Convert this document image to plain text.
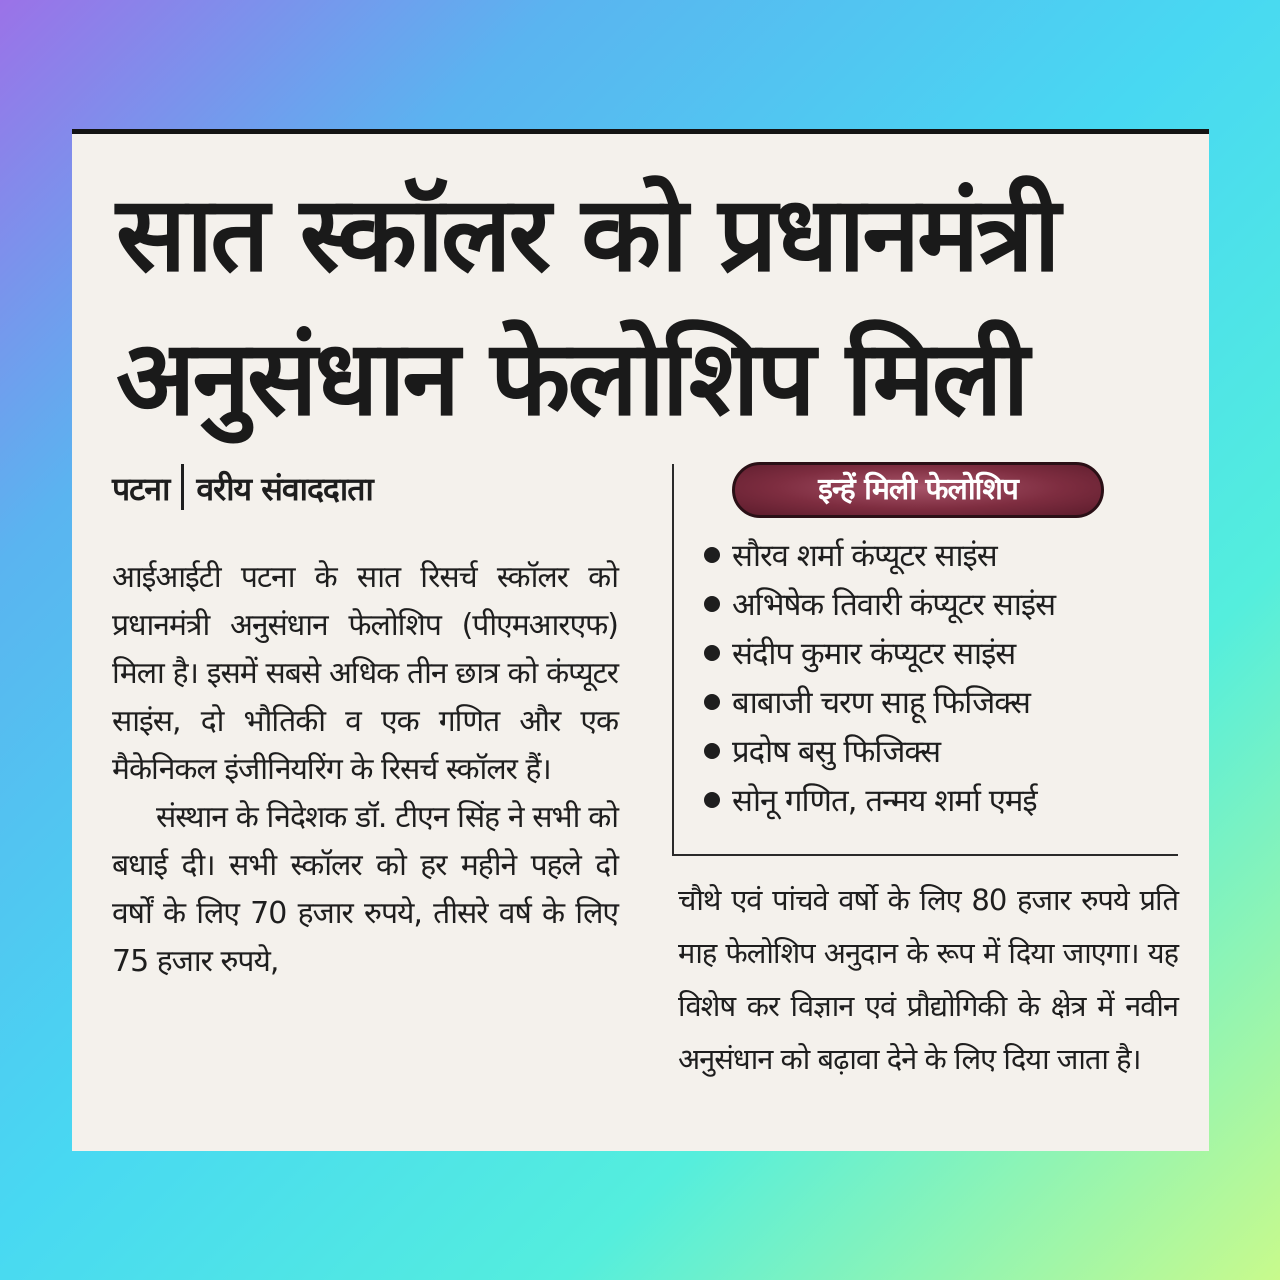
सात स्कॉलर को प्रधानमंत्री
अनुसंधान फेलोशिप मिली
पटना वरीय संवाददाता

आईआईटी पटना के सात रिसर्च स्कॉलर को प्रधानमंत्री अनुसंधान फेलोशिप (पीएमआरएफ) मिला है। इसमें सबसे अधिक तीन छात्र को कंप्यूटर साइंस, दो भौतिकी व एक गणित और एक मैकेनिकल इंजीनियरिंग के रिसर्च स्कॉलर हैं।

संस्थान के निदेशक डॉ. टीएन सिंह ने सभी को बधाई दी। सभी स्कॉलर को हर महीने पहले दो वर्षों के लिए 70 हजार रुपये, तीसरे वर्ष के लिए 75 हजार रुपये,

इन्हें मिली फेलोशिप
सौरव शर्मा कंप्यूटर साइंस
अभिषेक तिवारी कंप्यूटर साइंस
संदीप कुमार कंप्यूटर साइंस
बाबाजी चरण साहू फिजिक्स
प्रदोष बसु फिजिक्स
सोनू गणित, तन्मय शर्मा एमई

चौथे एवं पांचवे वर्षो के लिए 80 हजार रुपये प्रति माह फेलोशिप अनुदान के रूप में दिया जाएगा। यह विशेष कर विज्ञान एवं प्रौद्योगिकी के क्षेत्र में नवीन अनुसंधान को बढ़ावा देने के लिए दिया जाता है।
